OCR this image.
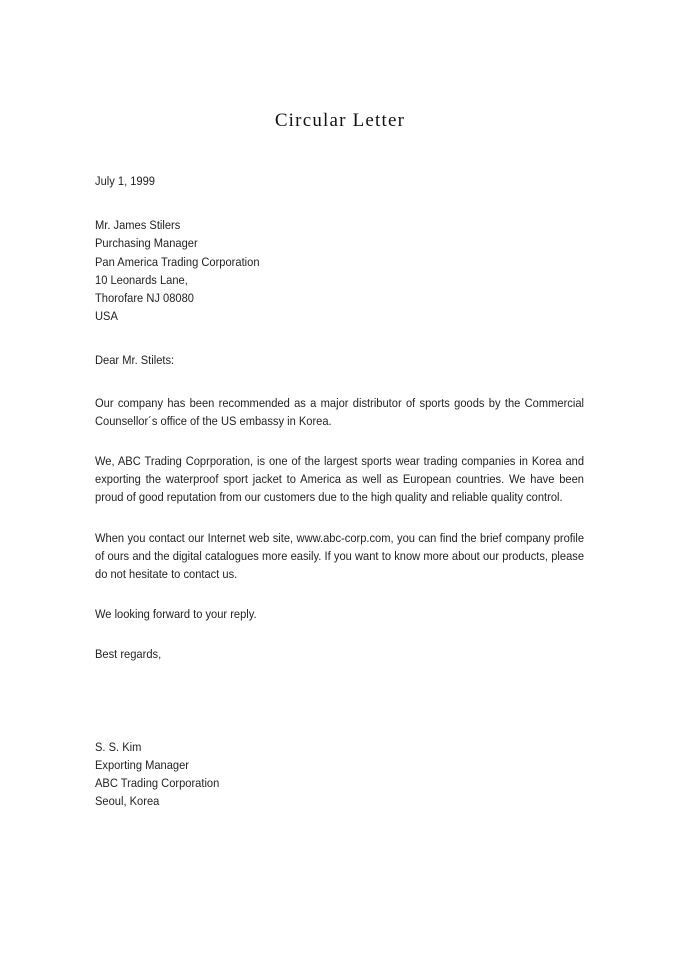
Circular Letter
July 1, 1999
Mr. James Stilers
Purchasing Manager
Pan America Trading Corporation
10 Leonards Lane,
Thorofare NJ 08080
USA
Dear Mr. Stilets:

Our company has been recommended as a major distributor of sports goods by the Commercial Counsellor´s office of the US embassy in Korea.

We, ABC Trading Coprporation, is one of the largest sports wear trading companies in Korea and exporting the waterproof sport jacket to America as well as European countries. We have been proud of good reputation from our customers due to the high quality and reliable quality control.

When you contact our Internet web site, www.abc-corp.com, you can find the brief company profile of ours and the digital catalogues more easily. If you want to know more about our products, please do not hesitate to contact us.

We looking forward to your reply.
Best regards,
S. S. Kim
Exporting Manager
ABC Trading Corporation
Seoul, Korea
